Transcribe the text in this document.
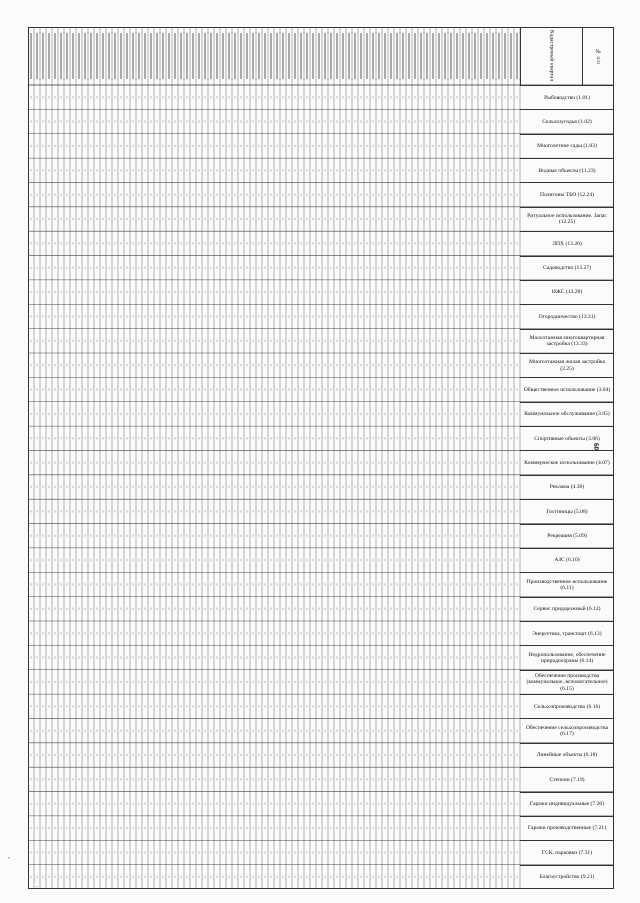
№ п/п
Кадастровый квартал
Рыбоводство (1.01)
Сельхозугодья (1.02)
Многолетние сады (1.03)
Водные объекты (11.23)
Полигоны ТБО (12.24)
Ритуальное использование. Запас (12.25)
ЛПХ (13.26)
Садоводство (13.27)
ИЖС (13.28)
Огородничество (13.31)
Малоэтажная многоквартирная застройка (13.33)
Многоэтажная жилая застройка (2.25)
Общественное использование (3.04)
Коммунальное обслуживание (3.05)
Спортивные объекты (3.06)
Коммерческое использование (4.07)
Реклама (4.30)
Гостиницы (5.08)
Рекреация (5.09)
АЗС (6.10)
Производственное использование (6.11)
Сервис придорожный (6.12)
Энергетика, транспорт (6.13)
Недропользование, обеспечение природоохраны (6.14)
Обеспечение производства (коммунальное, вспомогательное) (6.15)
Сельхозпроизводство (6.16)
Обеспечение сельхозпроизводства (6.17)
Линейные объекты (6.18)
Степени (7.19)
Гаражи индивидуальные (7.20)
Гаражи производственные (7.21)
ГСК, парковки (7.31)
Благоустройство (9.21)
60
,
.
